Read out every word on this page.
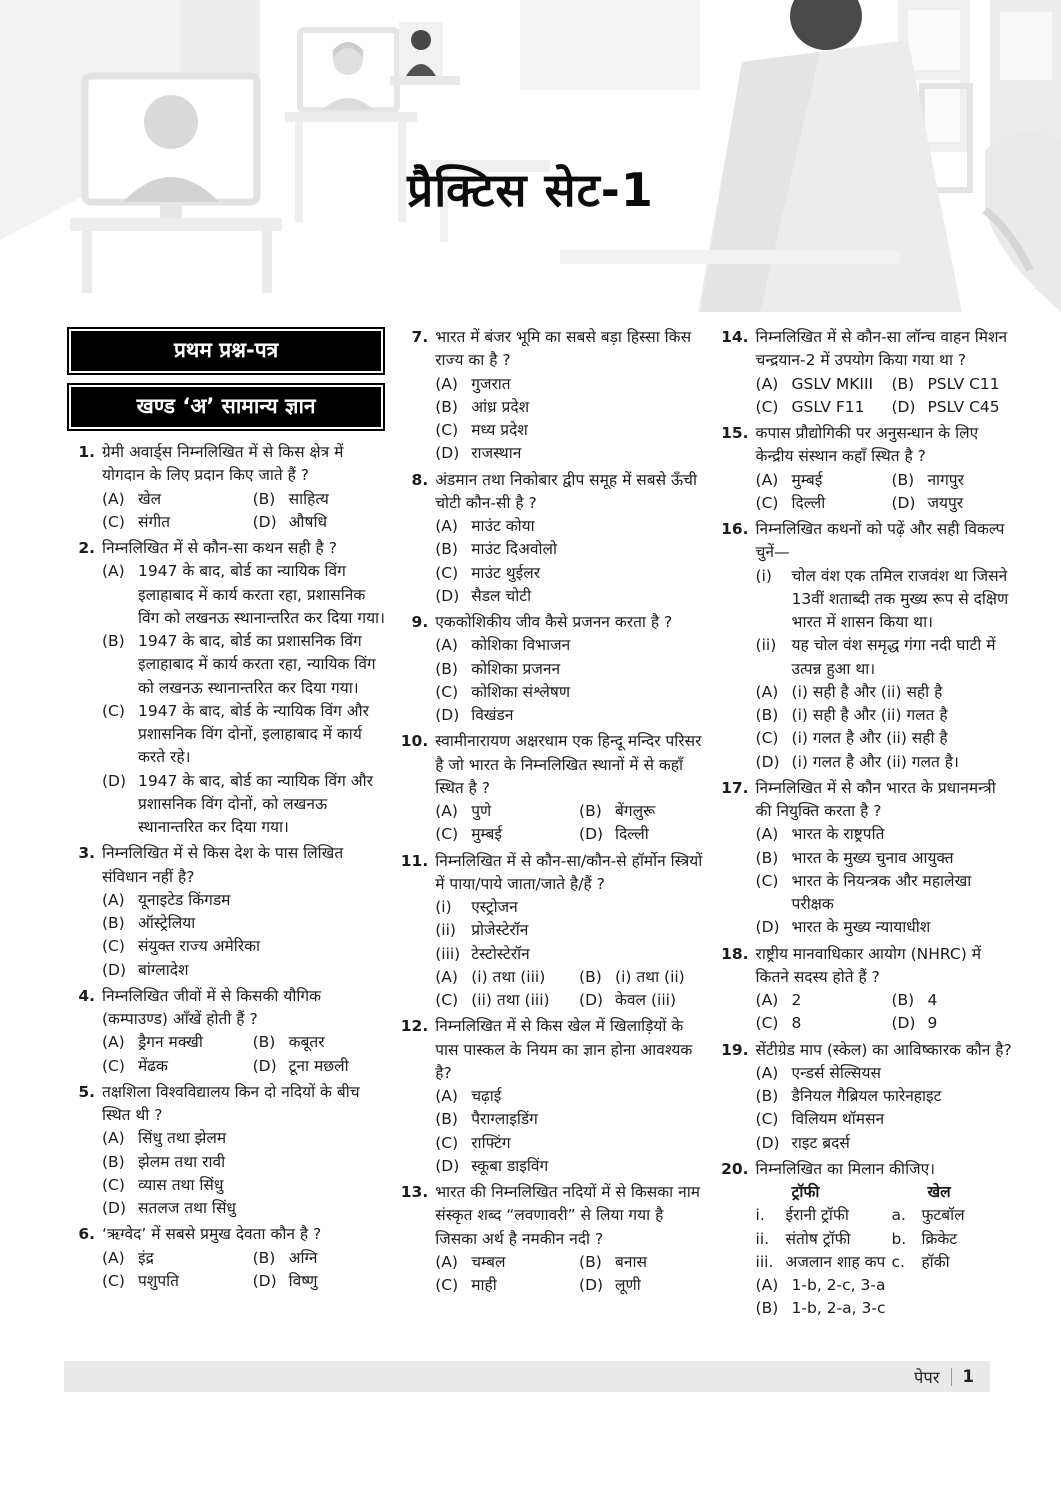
प्रैक्टिस सेट-1
प्रथम प्रश्न-पत्र
खण्ड ‘अ’ सामान्य ज्ञान
1. ग्रेमी अवार्ड्स निम्नलिखित में से किस क्षेत्र में योगदान के लिए प्रदान किए जाते हैं ?
(A) खेल	(B) साहित्य
(C) संगीत	(D) औषधि
2. निम्नलिखित में से कौन-सा कथन सही है ?
(A) 1947 के बाद, बोर्ड का न्यायिक विंग इलाहाबाद में कार्य करता रहा, प्रशासनिक विंग को लखनऊ स्थानान्तरित कर दिया गया।
(B) 1947 के बाद, बोर्ड का प्रशासनिक विंग इलाहाबाद में कार्य करता रहा, न्यायिक विंग को लखनऊ स्थानान्तरित कर दिया गया।
(C) 1947 के बाद, बोर्ड के न्यायिक विंग और प्रशासनिक विंग दोनों, इलाहाबाद में कार्य करते रहे।
(D) 1947 के बाद, बोर्ड का न्यायिक विंग और प्रशासनिक विंग दोनों, को लखनऊ स्थानान्तरित कर दिया गया।
3. निम्नलिखित में से किस देश के पास लिखित संविधान नहीं है?
(A) यूनाइटेड किंगडम
(B) ऑस्ट्रेलिया
(C) संयुक्त राज्य अमेरिका
(D) बांग्लादेश
4. निम्नलिखित जीवों में से किसकी यौगिक (कम्पाउण्ड) आँखें होती हैं ?
(A) ड्रैगन मक्खी	(B) कबूतर
(C) मेंढक	(D) टूना मछली
5. तक्षशिला विश्वविद्यालय किन दो नदियों के बीच स्थित थी ?
(A) सिंधु तथा झेलम
(B) झेलम तथा रावी
(C) व्यास तथा सिंधु
(D) सतलज तथा सिंधु
6. ‘ऋग्वेद’ में सबसे प्रमुख देवता कौन है ?
(A) इंद्र	(B) अग्नि
(C) पशुपति	(D) विष्णु
7. भारत में बंजर भूमि का सबसे बड़ा हिस्सा किस राज्य का है ?
(A) गुजरात
(B) आंध्र प्रदेश
(C) मध्य प्रदेश
(D) राजस्थान
8. अंडमान तथा निकोबार द्वीप समूह में सबसे ऊँची चोटी कौन-सी है ?
(A) माउंट कोया
(B) माउंट दिअवोलो
(C) माउंट थुईलर
(D) सैडल चोटी
9. एककोशिकीय जीव कैसे प्रजनन करता है ?
(A) कोशिका विभाजन
(B) कोशिका प्रजनन
(C) कोशिका संश्लेषण
(D) विखंडन
10. स्वामीनारायण अक्षरधाम एक हिन्दू मन्दिर परिसर है जो भारत के निम्नलिखित स्थानों में से कहाँ स्थित है ?
(A) पुणे	(B) बेंगलुरू
(C) मुम्बई	(D) दिल्ली
11. निम्नलिखित में से कौन-सा/कौन-से हॉर्मोन स्त्रियों में पाया/पाये जाता/जाते है/हैं ?
(i)	एस्ट्रोजन
(ii) प्रोजेस्टेरॉन
(iii) टेस्टोस्टेरॉन
(A) (i) तथा (iii)	(B) (i) तथा (ii)
(C) (ii) तथा (iii)	(D) केवल (iii)
12. निम्नलिखित में से किस खेल में खिलाड़ियों के पास पास्कल के नियम का ज्ञान होना आवश्यक है?
(A) चढ़ाई
(B) पैराग्लाइडिंग
(C) राफ्टिंग
(D) स्कूबा डाइविंग
13. भारत की निम्नलिखित नदियों में से किसका नाम संस्कृत शब्द “लवणावरी” से लिया गया है जिसका अर्थ है नमकीन नदी ?
(A) चम्बल	(B) बनास
(C) माही	(D) लूणी
14. निम्नलिखित में से कौन-सा लॉन्च वाहन मिशन चन्द्रयान-2 में उपयोग किया गया था ?
(A) GSLV MKIII	(B) PSLV C11
(C) GSLV F11	(D) PSLV C45
15. कपास प्रौद्योगिकी पर अनुसन्धान के लिए केन्द्रीय संस्थान कहाँ स्थित है ?
(A) मुम्बई	(B) नागपुर
(C) दिल्ली	(D) जयपुर
16. निम्नलिखित कथनों को पढ़ें और सही विकल्प चुनें—
(i)	चोल वंश एक तमिल राजवंश था जिसने 13वीं शताब्दी तक मुख्य रूप से दक्षिण भारत में शासन किया था।
(ii) यह चोल वंश समृद्ध गंगा नदी घाटी में उत्पन्न हुआ था।
(A) (i) सही है और (ii) सही है
(B) (i) सही है और (ii) गलत है
(C) (i) गलत है और (ii) सही है
(D) (i) गलत है और (ii) गलत है।
17. निम्नलिखित में से कौन भारत के प्रधानमन्त्री की नियुक्ति करता है ?
(A) भारत के राष्ट्रपति
(B) भारत के मुख्य चुनाव आयुक्त
(C) भारत के नियन्त्रक और महालेखा परीक्षक
(D) भारत के मुख्य न्यायाधीश
18. राष्ट्रीय मानवाधिकार आयोग (NHRC) में कितने सदस्य होते हैं ?
(A) 2	(B) 4
(C) 8	(D) 9
19. सेंटीग्रेड माप (स्केल) का आविष्कारक कौन है?
(A) एन्डर्स सेल्सियस
(B) डैनियल गैब्रियल फारेनहाइट
(C) विलियम थॉमसन
(D) राइट ब्रदर्स
20. निम्नलिखित का मिलान कीजिए।
ट्रॉफी	खेल
i.	ईरानी ट्रॉफी	a.	फुटबॉल
ii.	संतोष ट्रॉफी	b. क्रिकेट
iii. अजलान शाह कप c.	हॉकी
(A) 1-b, 2-c, 3-a
(B) 1-b, 2-a, 3-c
पेपर 1
